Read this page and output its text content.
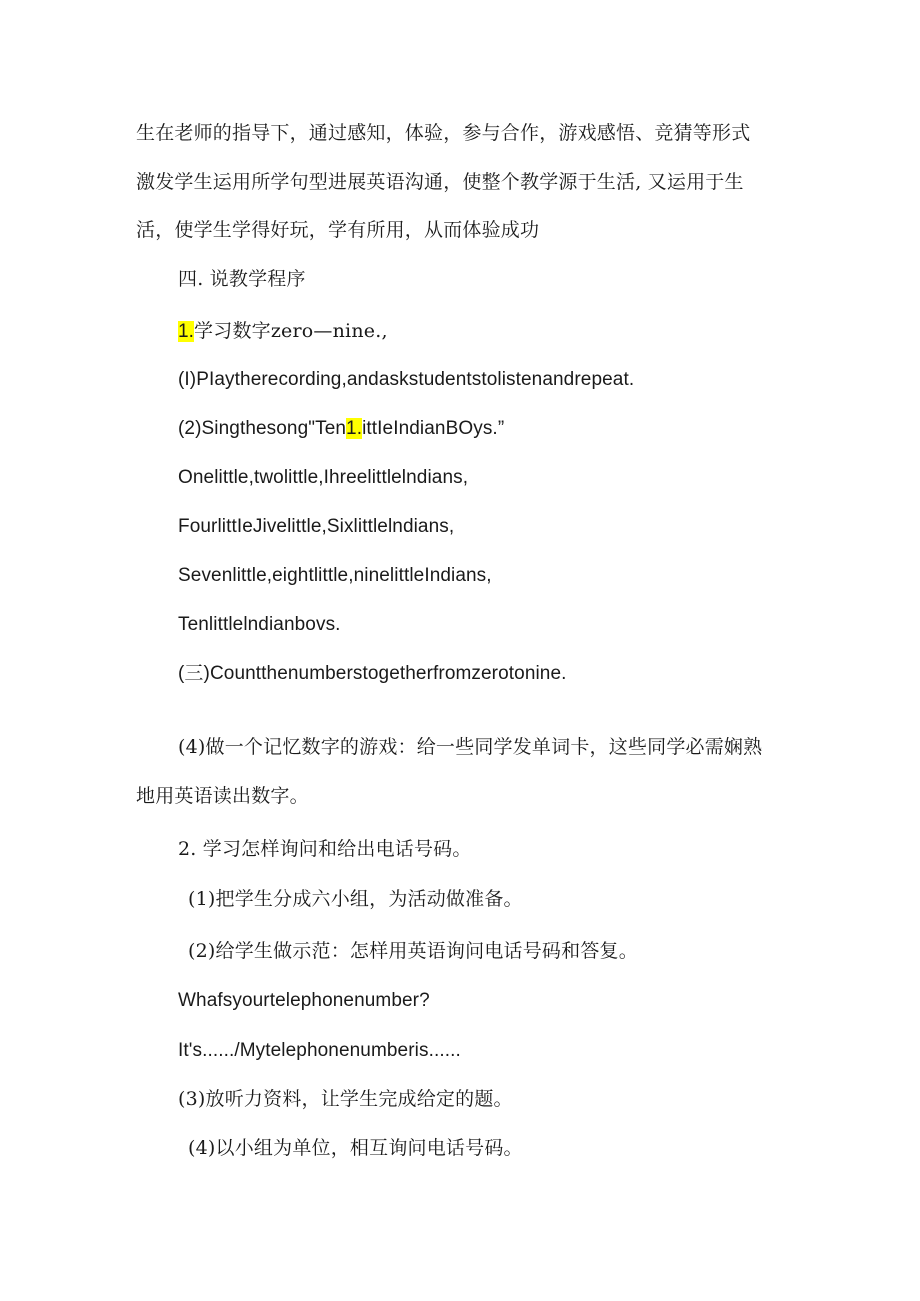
生在老师的指导下，通过感知，体验，参与合作，游戏感悟、竞猜等形式
激发学生运用所学句型进展英语沟通，使整个教学源于生活, 又运用于生
活，使学生学得好玩，学有所用，从而体验成功
四. 说教学程序
1.学习数字zero—nine.,
(I)PIaytherecording,andaskstudentstolistenandrepeat.
(2)Singthesong"Ten1.ittIeIndianBOys.”
Onelittle,twolittle,Ihreelittlelndians,
FourlittIeJivelittle,Sixlittlelndians,
Sevenlittle,eightlittle,ninelittleIndians,
Tenlittlelndianbovs.
(三)Countthenumberstogetherfromzerotonine.
(4)做一个记忆数字的游戏：给一些同学发单词卡，这些同学必需娴熟
地用英语读出数字。
2. 学习怎样询问和给出电话号码。
(1)把学生分成六小组，为活动做准备。
(2)给学生做示范：怎样用英语询问电话号码和答复。
Whafsyourtelephonenumber?
It's....../Mytelephonenumberis......
(3)放听力资料，让学生完成给定的题。
(4)以小组为单位，相互询问电话号码。
